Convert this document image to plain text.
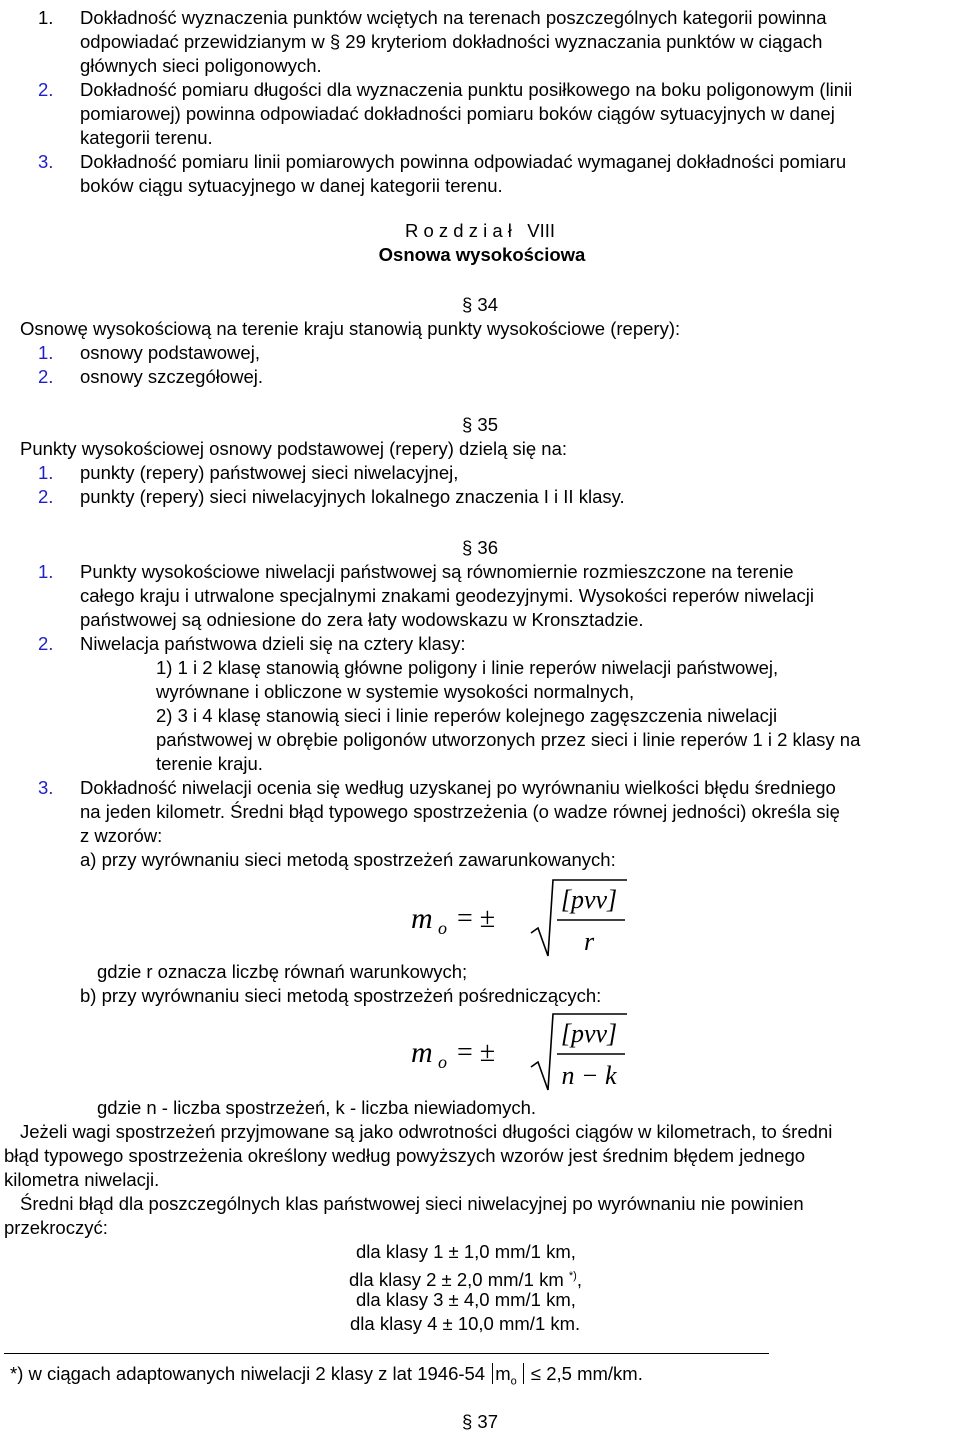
1. Dokładność wyznaczenia punktów wciętych na terenach poszczególnych kategorii powinna
odpowiadać przewidzianym w § 29 kryteriom dokładności wyznaczania punktów w ciągach
głównych sieci poligonowych.
2. Dokładność pomiaru długości dla wyznaczenia punktu posiłkowego na boku poligonowym (linii
pomiarowej) powinna odpowiadać dokładności pomiaru boków ciągów sytuacyjnych w danej
kategorii terenu.
3. Dokładność pomiaru linii pomiarowych powinna odpowiadać wymaganej dokładności pomiaru
boków ciągu sytuacyjnego w danej kategorii terenu.
R o z d z i a ł   VIII
Osnowa wysokościowa
§ 34
Osnowę wysokościową na terenie kraju stanowią punkty wysokościowe (repery):
1. osnowy podstawowej,
2. osnowy szczegółowej.
§ 35
Punkty wysokościowej osnowy podstawowej (repery) dzielą się na:
1. punkty (repery) państwowej sieci niwelacyjnej,
2. punkty (repery) sieci niwelacyjnych lokalnego znaczenia I i II klasy.
§ 36
1. Punkty wysokościowe niwelacji państwowej są równomiernie rozmieszczone na terenie
całego kraju i utrwalone specjalnymi znakami geodezyjnymi. Wysokości reperów niwelacji
państwowej są odniesione do zera łaty wodowskazu w Kronsztadzie.
2. Niwelacja państwowa dzieli się na cztery klasy:
1) 1 i 2 klasę stanowią główne poligony i linie reperów niwelacji państwowej,
wyrównane i obliczone w systemie wysokości normalnych,
2) 3 i 4 klasę stanowią sieci i linie reperów kolejnego zagęszczenia niwelacji
państwowej w obrębie poligonów utworzonych przez sieci i linie reperów 1 i 2 klasy na
terenie kraju.
3. Dokładność niwelacji ocenia się według uzyskanej po wyrównaniu wielkości błędu średniego
na jeden kilometr. Średni błąd typowego spostrzeżenia (o wadze równej jedności) określa się
z wzorów:
a) przy wyrównaniu sieci metodą spostrzeżeń zawarunkowanych:
m o = ±
[pvv]
r
gdzie r oznacza liczbę równań warunkowych;
b) przy wyrównaniu sieci metodą spostrzeżeń pośredniczących:
m o = ±
[pvv]
n − k
gdzie n - liczba spostrzeżeń, k - liczba niewiadomych.
Jeżeli wagi spostrzeżeń przyjmowane są jako odwrotności długości ciągów w kilometrach, to średni
błąd typowego spostrzeżenia określony według powyższych wzorów jest średnim błędem jednego
kilometra niwelacji.
Średni błąd dla poszczególnych klas państwowej sieci niwelacyjnej po wyrównaniu nie powinien
przekroczyć:
dla klasy 1 ± 1,0 mm/1 km,
dla klasy 2 ± 2,0 mm/1 km *),
dla klasy 3 ± 4,0 mm/1 km,
dla klasy 4 ± 10,0 mm/1 km.
*) w ciągach adaptowanych niwelacji 2 klasy z lat 1946-54 $m_o \le 2,5$ mm/km.
§ 37
